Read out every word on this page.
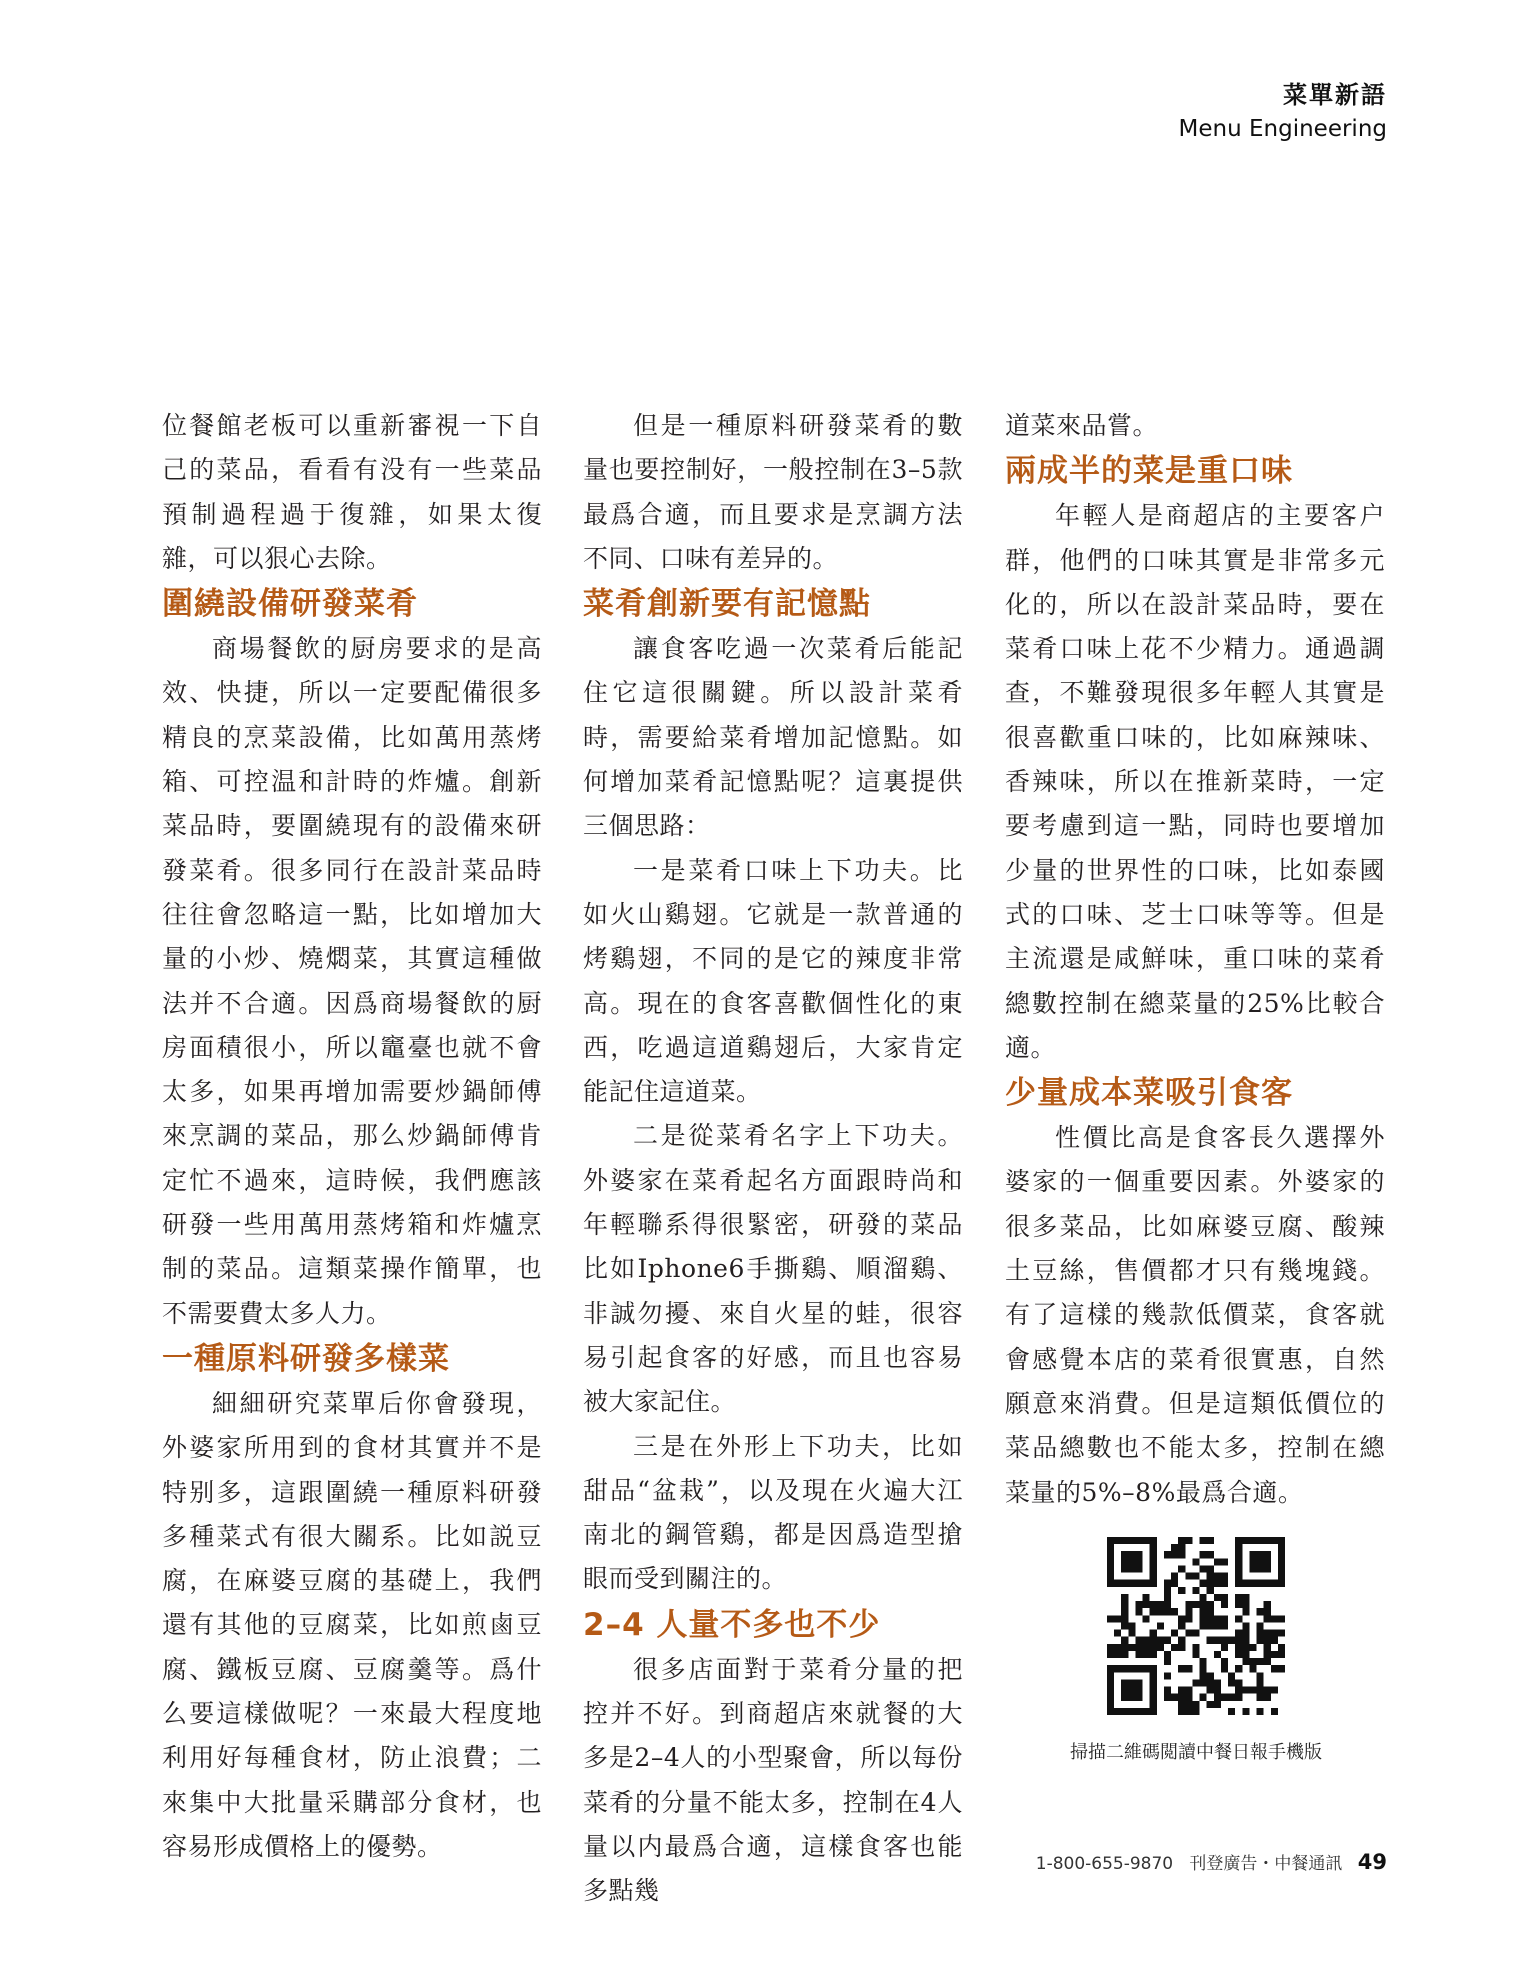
菜單新語
Menu Engineering

位餐館老板可以重新審視一下自己的菜品，看看有没有一些菜品預制過程過于復雜，如果太復雜，可以狠心去除。

圍繞設備研發菜肴

商場餐飲的厨房要求的是高效、快捷，所以一定要配備很多精良的烹菜設備，比如萬用蒸烤箱、可控温和計時的炸爐。創新菜品時，要圍繞現有的設備來研發菜肴。很多同行在設計菜品時往往會忽略這一點，比如增加大量的小炒、燒燜菜，其實這種做法并不合適。因爲商場餐飲的厨房面積很小，所以竈臺也就不會太多，如果再增加需要炒鍋師傅來烹調的菜品，那么炒鍋師傅肯定忙不過來，這時候，我們應該研發一些用萬用蒸烤箱和炸爐烹制的菜品。這類菜操作簡單，也不需要費太多人力。

一種原料研發多樣菜

細細研究菜單后你會發現，外婆家所用到的食材其實并不是特别多，這跟圍繞一種原料研發多種菜式有很大關系。比如説豆腐，在麻婆豆腐的基礎上，我們還有其他的豆腐菜，比如煎鹵豆腐、鐵板豆腐、豆腐羹等。爲什么要這樣做呢？一來最大程度地利用好每種食材，防止浪費；二來集中大批量采購部分食材，也容易形成價格上的優勢。

但是一種原料研發菜肴的數量也要控制好，一般控制在3–5款最爲合適，而且要求是烹調方法不同、口味有差异的。

菜肴創新要有記憶點

讓食客吃過一次菜肴后能記住它這很關鍵。所以設計菜肴時，需要給菜肴增加記憶點。如何增加菜肴記憶點呢？這裏提供三個思路：

一是菜肴口味上下功夫。比如火山鷄翅。它就是一款普通的烤鷄翅，不同的是它的辣度非常高。現在的食客喜歡個性化的東西，吃過這道鷄翅后，大家肯定能記住這道菜。

二是從菜肴名字上下功夫。外婆家在菜肴起名方面跟時尚和年輕聯系得很緊密，研發的菜品比如Iphone6手撕鷄、順溜鷄、非誠勿擾、來自火星的蛙，很容易引起食客的好感，而且也容易被大家記住。

三是在外形上下功夫，比如甜品“盆栽”，以及現在火遍大江南北的鋼管鷄，都是因爲造型搶眼而受到關注的。

2–4 人量不多也不少

很多店面對于菜肴分量的把控并不好。到商超店來就餐的大多是2–4人的小型聚會，所以每份菜肴的分量不能太多，控制在4人量以内最爲合適，這樣食客也能多點幾

道菜來品嘗。

兩成半的菜是重口味

年輕人是商超店的主要客户群，他們的口味其實是非常多元化的，所以在設計菜品時，要在菜肴口味上花不少精力。通過調查，不難發現很多年輕人其實是很喜歡重口味的，比如麻辣味、香辣味，所以在推新菜時，一定要考慮到這一點，同時也要增加少量的世界性的口味，比如泰國式的口味、芝士口味等等。但是主流還是咸鮮味，重口味的菜肴總數控制在總菜量的25%比較合適。

少量成本菜吸引食客

性價比高是食客長久選擇外婆家的一個重要因素。外婆家的很多菜品，比如麻婆豆腐、酸辣土豆絲，售價都才只有幾塊錢。有了這樣的幾款低價菜，食客就會感覺本店的菜肴很實惠，自然願意來消費。但是這類低價位的菜品總數也不能太多，控制在總菜量的5%–8%最爲合適。

掃描二維碼閲讀中餐日報手機版
1-800-655-9870 刊登廣告・中餐通訊 49
